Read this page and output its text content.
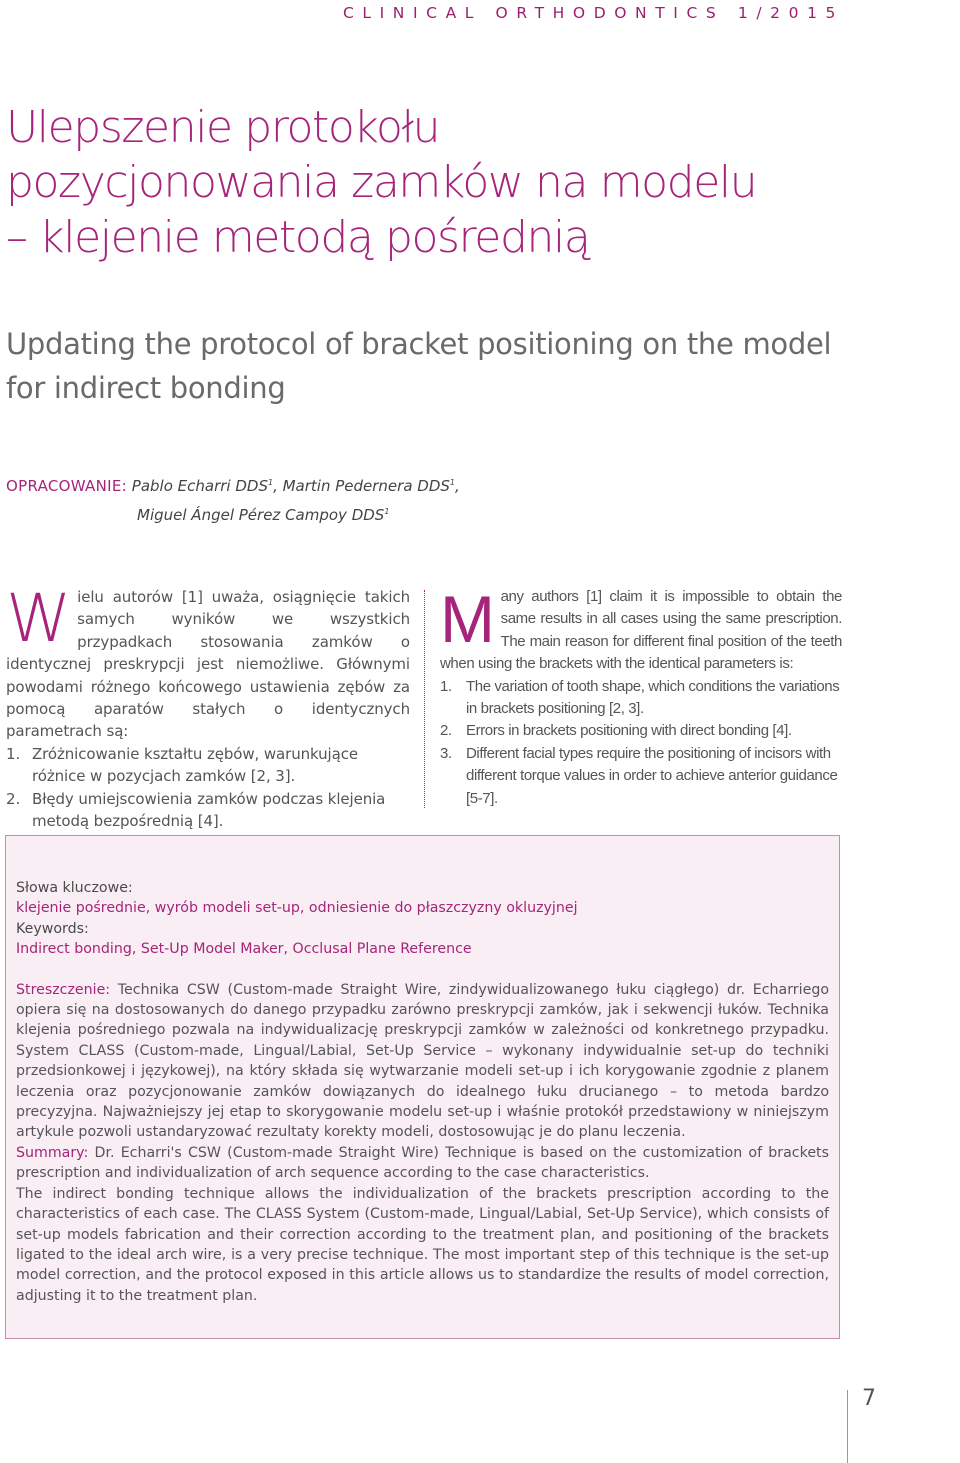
CLINICAL ORTHODONTICS 1/2015
Ulepszenie protokołu
pozycjonowania zamków na modelu
– klejenie metodą pośrednią
Updating the protocol of bracket positioning on the model
for indirect bonding
OPRACOWANIE: Pablo Echarri DDS$^1$, Martin Pedernera DDS$^1$,
Miguel Ángel Pérez Campoy DDS$^1$
W ielu autorów [1] uważa, osiągnięcie takich samych wyników we wszystkich przypadkach stosowania zamków o identycznej preskrypcji jest niemożliwe. Głównymi powodami różnego końcowego ustawienia zębów za pomocą aparatów stałych o identycznych parametrach są:

1. Zróżnicowanie kształtu zębów, warunkujące różnice w pozycjach zamków [2, 3].
2. Błędy umiejscowienia zamków podczas klejenia metodą bezpośrednią [4].
M any authors [1] claim it is impossible to obtain the same results in all cases using the same prescription. The main reason for different final position of the teeth when using the brackets with the identical parameters is:

1. The variation of tooth shape, which conditions the variations in brackets positioning [2, 3].
2. Errors in brackets positioning with direct bonding [4].
3. Different facial types require the positioning of incisors with different torque values in order to achieve anterior guidance [5-7].

Słowa kluczowe:

klejenie pośrednie, wyrób modeli set-up, odniesienie do płaszczyzny okluzyjnej

Keywords:

Indirect bonding, Set-Up Model Maker, Occlusal Plane Reference

Streszczenie: Technika CSW (Custom-made Straight Wire, zindywidualizowanego łuku ciągłego) dr. Echarriego opiera się na dostosowanych do danego przypadku zarówno preskrypcji zamków, jak i sekwencji łuków. Technika klejenia pośredniego pozwala na indywidualizację preskrypcji zamków w zależności od konkretnego przypadku. System CLASS (Custom-made, Lingual/Labial, Set-Up Service – wykonany indywidualnie set-up do techniki przedsionkowej i językowej), na który składa się wytwarzanie modeli set-up i ich korygowanie zgodnie z planem leczenia oraz pozycjonowanie zamków dowiązanych do idealnego łuku drucianego – to metoda bardzo precyzyjna. Najważniejszy jej etap to skorygowanie modelu set-up i właśnie protokół przedstawiony w niniejszym artykule pozwoli ustandaryzować rezultaty korekty modeli, dostosowując je do planu leczenia.

Summary: Dr. Echarri's CSW (Custom-made Straight Wire) Technique is based on the customization of brackets prescription and individualization of arch sequence according to the case characteristics.

The indirect bonding technique allows the individualization of the brackets prescription according to the characteristics of each case. The CLASS System (Custom-made, Lingual/Labial, Set-Up Service), which consists of set-up models fabrication and their correction according to the treatment plan, and positioning of the brackets ligated to the ideal arch wire, is a very precise technique. The most important step of this technique is the set-up model correction, and the protocol exposed in this article allows us to standardize the results of model correction, adjusting it to the treatment plan.

7
